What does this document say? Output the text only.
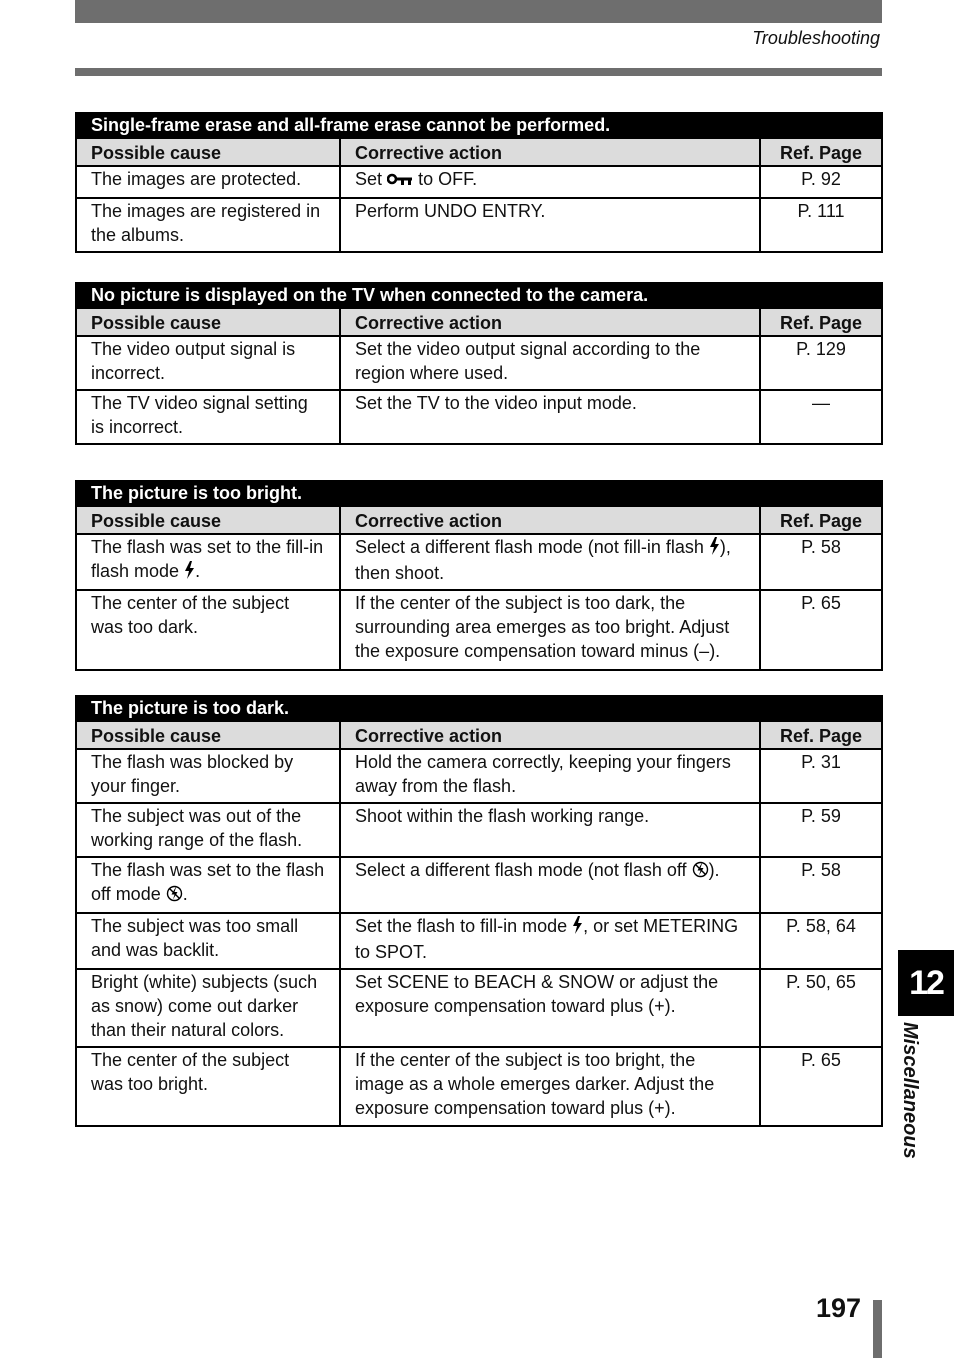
Troubleshooting
Single-frame erase and all-frame erase cannot be performed.		
Possible cause	Corrective action	Ref. Page
The images are protected.	Set to OFF.	P. 92
The images are registered in the albums.	Perform UNDO ENTRY.	P. 111
No picture is displayed on the TV when connected to the camera.		
Possible cause	Corrective action	Ref. Page
The video output signal is incorrect.	Set the video output signal according to the region where used.	P. 129
The TV video signal setting is incorrect.	Set the TV to the video input mode.	—
The picture is too bright.		
Possible cause	Corrective action	Ref. Page
The flash was set to the fill-in flash mode .	Select a different flash mode (not fill-in flash ), then shoot.	P. 58
The center of the subject was too dark.	If the center of the subject is too dark, the surrounding area emerges as too bright. Adjust the exposure compensation toward minus (–).	P. 65
The picture is too dark.		
Possible cause	Corrective action	Ref. Page
The flash was blocked by your finger.	Hold the camera correctly, keeping your fingers away from the flash.	P. 31
The subject was out of the working range of the flash.	Shoot within the flash working range.	P. 59
The flash was set to the flash off mode .	Select a different flash mode (not flash off ).	P. 58
The subject was too small and was backlit.	Set the flash to fill-in mode , or set METERING to SPOT.	P. 58, 64
Bright (white) subjects (such as snow) come out darker than their natural colors.	Set SCENE to BEACH & SNOW or adjust the exposure compensation toward plus (+).	P. 50, 65
The center of the subject was too bright.	If the center of the subject is too bright, the image as a whole emerges darker. Adjust the exposure compensation toward plus (+).	P. 65
12
Miscellaneous
197
